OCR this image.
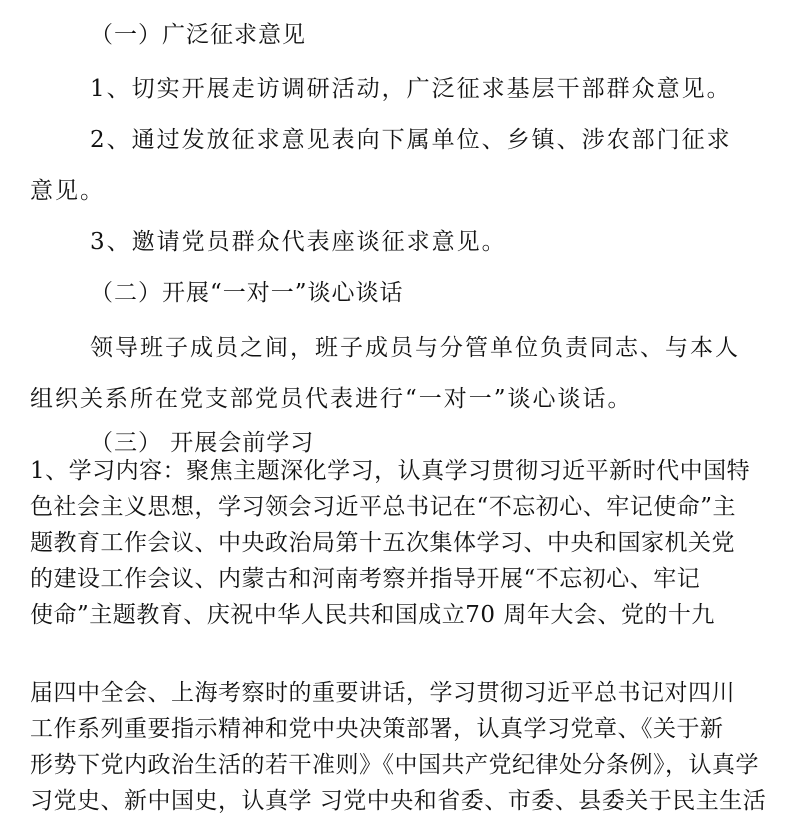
（一）广泛征求意见

1、切实开展走访调研活动，广泛征求基层干部群众意见。

2、通过发放征求意见表向下属单位、乡镇、涉农部门征求

意见。

3、邀请党员群众代表座谈征求意见。

（二）开展“一对一”谈心谈话

领导班子成员之间，班子成员与分管单位负责同志、与本人

组织关系所在党支部党员代表进行“一对一”谈心谈话。

（三） 开展会前学习

1、学习内容：聚焦主题深化学习，认真学习贯彻习近平新时代中国特

色社会主义思想，学习领会习近平总书记在“不忘初心、牢记使命”主

题教育工作会议、中央政治局第十五次集体学习、中央和国家机关党

的建设工作会议、内蒙古和河南考察并指导开展“不忘初心、牢记

使命”主题教育、庆祝中华人民共和国成立70 周年大会、党的十九

届四中全会、上海考察时的重要讲话，学习贯彻习近平总书记对四川

工作系列重要指示精神和党中央决策部署，认真学习党章、《关于新

形势下党内政治生活的若干准则》《中国共产党纪律处分条例》，认真学

习党史、新中国史，认真学 习党中央和省委、市委、县委关于民主生活
